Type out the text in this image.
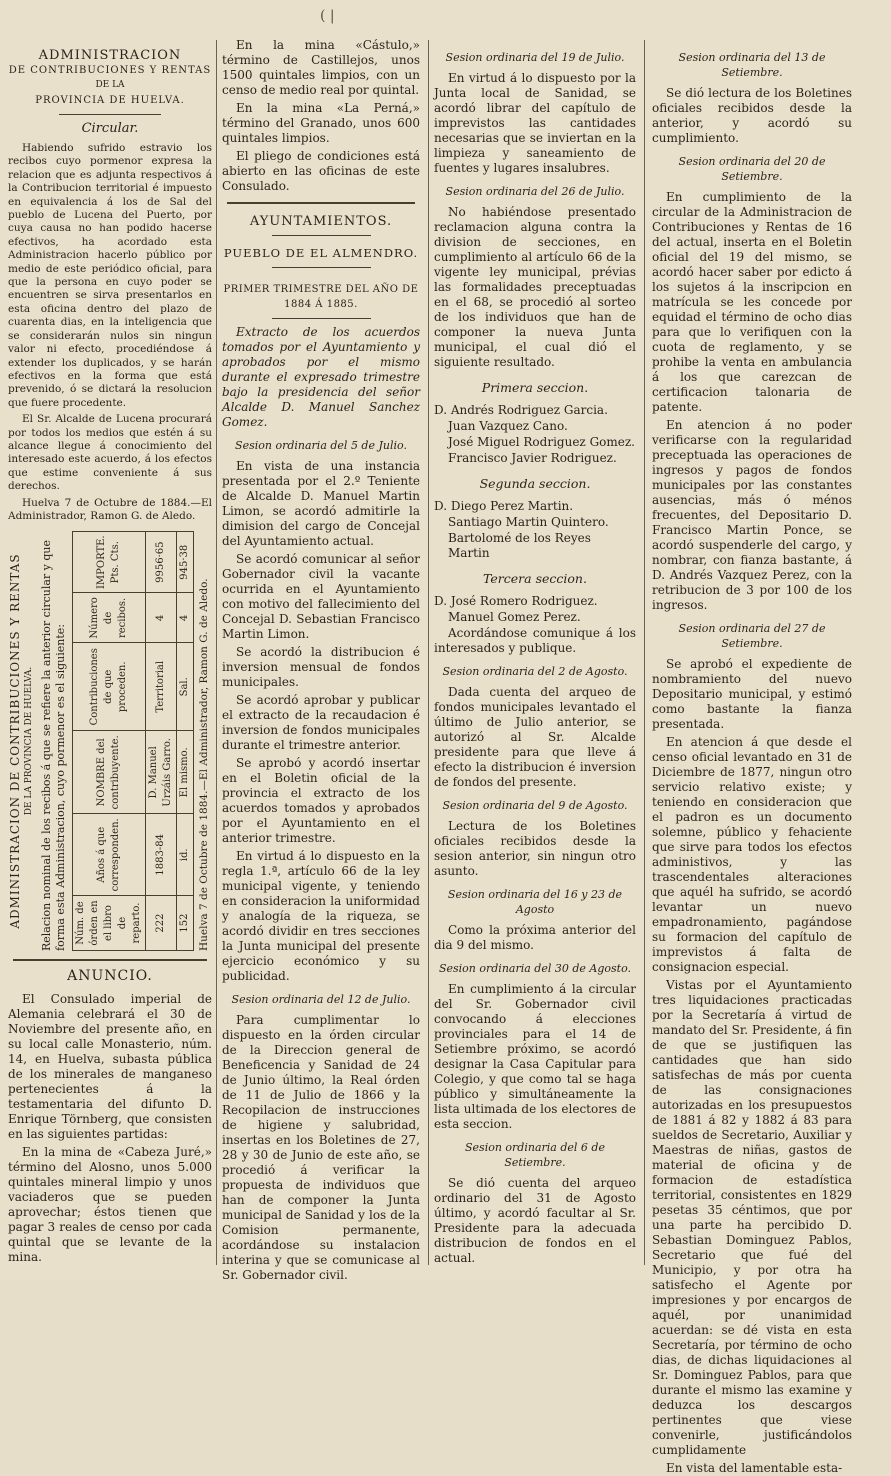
( |
ADMINISTRACION
DE CONTRIBUCIONES Y RENTAS
DE LA
PROVINCIA DE HUELVA.

Circular.

Habiendo sufrido estravio los recibos cuyo pormenor expresa la relacion que es adjunta respectivos á la Contribucion territorial é impuesto en equivalencia á los de Sal del pueblo de Lucena del Puerto, por cuya causa no han podido hacerse efectivos, ha acordado esta Administracion hacerlo público por medio de este periódico oficial, para que la persona en cuyo poder se encuentren se sirva presentarlos en esta oficina dentro del plazo de cuarenta dias, en la inteligencia que se considerarán nulos sin ningun valor ni efecto, procediéndose á extender los duplicados, y se harán efectivos en la forma que está prevenido, ó se dictará la resolucion que fuere procedente.

El Sr. Alcalde de Lucena procurará por todos los medios que estén á su alcance llegue á conocimiento del interesado este acuerdo, á los efectos que estime conveniente á sus derechos.

Huelva 7 de Octubre de 1884.—El Administrador, Ramon G. de Aledo.

ADMINISTRACION DE CONTRIBUCIONES Y RENTAS DE LA PROVINCIA DE HUELVA. Relacion nominal de los recibos á que se refiere la anterior circular y que forma esta Administracion, cuyo pormenor es el siguiente: Núm. de órden en el libro de reparto.	Años á que corresponden.	NOMBRE del contribuyente.	Contribuciones de que proceden.	Número de recibos.	IMPORTE. Pts. Cts.
222	1883-84	D. Manuel Urzáis Garro.	Territorial	4	9956·65
152	id.	El mismo.	Sal.	4	945·38
Huelva 7 de Octubre de 1884.—El Administrador, Ramon G. de Aledo.
ANUNCIO.

El Consulado imperial de Alemania celebrará el 30 de Noviembre del presente año, en su local calle Monasterio, núm. 14, en Huelva, subasta pública de los minerales de manganeso pertenecientes á la testamentaria del difunto D. Enrique Törnberg, que consisten en las siguientes partidas:

En la mina de «Cabeza Juré,» término del Alosno, unos 5.000 quintales mineral limpio y unos vaciaderos que se pueden aprovechar; éstos tienen que pagar 3 reales de censo por cada quintal que se levante de la mina.

En la mina «Cástulo,» término de Castillejos, unos 1500 quintales limpios, con un censo de medio real por quintal.

En la mina «La Perná,» término del Granado, unos 600 quintales limpios.

El pliego de condiciones está abierto en las oficinas de este Consulado.

AYUNTAMIENTOS.
PUEBLO DE EL ALMENDRO.
PRIMER TRIMESTRE DEL AÑO DE 1884 Á 1885.

Extracto de los acuerdos tomados por el Ayuntamiento y aprobados por el mismo durante el expresado trimestre bajo la presidencia del señor Alcalde D. Manuel Sanchez Gomez.

Sesion ordinaria del 5 de Julio.

En vista de una instancia presentada por el 2.º Teniente de Alcalde D. Manuel Martin Limon, se acordó admitirle la dimision del cargo de Concejal del Ayuntamiento actual.

Se acordó comunicar al señor Gobernador civil la vacante ocurrida en el Ayuntamiento con motivo del fallecimiento del Concejal D. Sebastian Francisco Martin Limon.

Se acordó la distribucion é inversion mensual de fondos municipales.

Se acordó aprobar y publicar el extracto de la recaudacion é inversion de fondos municipales durante el trimestre anterior.

Se aprobó y acordó insertar en el Boletin oficial de la provincia el extracto de los acuerdos tomados y aprobados por el Ayuntamiento en el anterior trimestre.

En virtud á lo dispuesto en la regla 1.ª, artículo 66 de la ley municipal vigente, y teniendo en consideracion la uniformidad y analogía de la riqueza, se acordó dividir en tres secciones la Junta municipal del presente ejercicio económico y su publicidad.

Sesion ordinaria del 12 de Julio.

Para cumplimentar lo dispuesto en la órden circular de la Direccion general de Beneficencia y Sanidad de 24 de Junio último, la Real órden de 11 de Julio de 1866 y la Recopilacion de instrucciones de higiene y salubridad, insertas en los Boletines de 27, 28 y 30 de Junio de este año, se procedió á verificar la propuesta de individuos que han de componer la Junta municipal de Sanidad y los de la Comision permanente, acordándose su instalacion interina y que se comunicase al Sr. Gobernador civil.

Sesion ordinaria del 19 de Julio.

En virtud á lo dispuesto por la Junta local de Sanidad, se acordó librar del capítulo de imprevistos las cantidades necesarias que se inviertan en la limpieza y saneamiento de fuentes y lugares insalubres.

Sesion ordinaria del 26 de Julio.

No habiéndose presentado reclamacion alguna contra la division de secciones, en cumplimiento al artículo 66 de la vigente ley municipal, prévias las formalidades preceptuadas en el 68, se procedió al sorteo de los individuos que han de componer la nueva Junta municipal, el cual dió el siguiente resultado.

Primera seccion.

D. Andrés Rodriguez Garcia.

Juan Vazquez Cano.

José Miguel Rodriguez Gomez.

Francisco Javier Rodriguez.

Segunda seccion.

D. Diego Perez Martin.

Santiago Martin Quintero.

Bartolomé de los Reyes Martin

Tercera seccion.

D. José Romero Rodriguez.

Manuel Gomez Perez.

Acordándose comunique á los interesados y publique.

Sesion ordinaria del 2 de Agosto.

Dada cuenta del arqueo de fondos municipales levantado el último de Julio anterior, se autorizó al Sr. Alcalde presidente para que lleve á efecto la distribucion é inversion de fondos del presente.

Sesion ordinaria del 9 de Agosto.

Lectura de los Boletines oficiales recibidos desde la sesion anterior, sin ningun otro asunto.

Sesion ordinaria del 16 y 23 de Agosto

Como la próxima anterior del dia 9 del mismo.

Sesion ordinaria del 30 de Agosto.

En cumplimiento á la circular del Sr. Gobernador civil convocando á elecciones provinciales para el 14 de Setiembre próximo, se acordó designar la Casa Capitular para Colegio, y que como tal se haga público y simultáneamente la lista ultimada de los electores de esta seccion.

Sesion ordinaria del 6 de Setiembre.

Se dió cuenta del arqueo ordinario del 31 de Agosto último, y acordó facultar al Sr. Presidente para la adecuada distribucion de fondos en el actual.

Sesion ordinaria del 13 de Setiembre.

Se dió lectura de los Boletines oficiales recibidos desde la anterior, y acordó su cumplimiento.

Sesion ordinaria del 20 de Setiembre.

En cumplimiento de la circular de la Administracion de Contribuciones y Rentas de 16 del actual, inserta en el Boletin oficial del 19 del mismo, se acordó hacer saber por edicto á los sujetos á la inscripcion en matrícula se les concede por equidad el término de ocho dias para que lo verifiquen con la cuota de reglamento, y se prohibe la venta en ambulancia á los que carezcan de certificacion talonaria de patente.

En atencion á no poder verificarse con la regularidad preceptuada las operaciones de ingresos y pagos de fondos municipales por las constantes ausencias, más ó ménos frecuentes, del Depositario D. Francisco Martin Ponce, se acordó suspenderle del cargo, y nombrar, con fianza bastante, á D. Andrés Vazquez Perez, con la retribucion de 3 por 100 de los ingresos.

Sesion ordinaria del 27 de Setiembre.

Se aprobó el expediente de nombramiento del nuevo Depositario municipal, y estimó como bastante la fianza presentada.

En atencion á que desde el censo oficial levantado en 31 de Diciembre de 1877, ningun otro servicio relativo existe; y teniendo en consideracion que el padron es un documento solemne, público y fehaciente que sirve para todos los efectos administivos, y las trascendentales alteraciones que aquél ha sufrido, se acordó levantar un nuevo empadronamiento, pagándose su formacion del capítulo de imprevistos á falta de consignacion especial.

Vistas por el Ayuntamiento tres liquidaciones practicadas por la Secretaría á virtud de mandato del Sr. Presidente, á fin de que se justifiquen las cantidades que han sido satisfechas de más por cuenta de las consignaciones autorizadas en los presupuestos de 1881 á 82 y 1882 á 83 para sueldos de Secretario, Auxiliar y Maestras de niñas, gastos de material de oficina y de formacion de estadística territorial, consistentes en 1829 pesetas 35 céntimos, que por una parte ha percibido D. Sebastian Dominguez Pablos, Secretario que fué del Municipio, y por otra ha satisfecho el Agente por impresiones y por encargos de aquél, por unanimidad acuerdan: se dé vista en esta Secretaría, por término de ocho dias, de dichas liquidaciones al Sr. Dominguez Pablos, para que durante el mismo las examine y deduzca los descargos pertinentes que viese convenirle, justificándolos cumplidamente

En vista del lamentable esta-
